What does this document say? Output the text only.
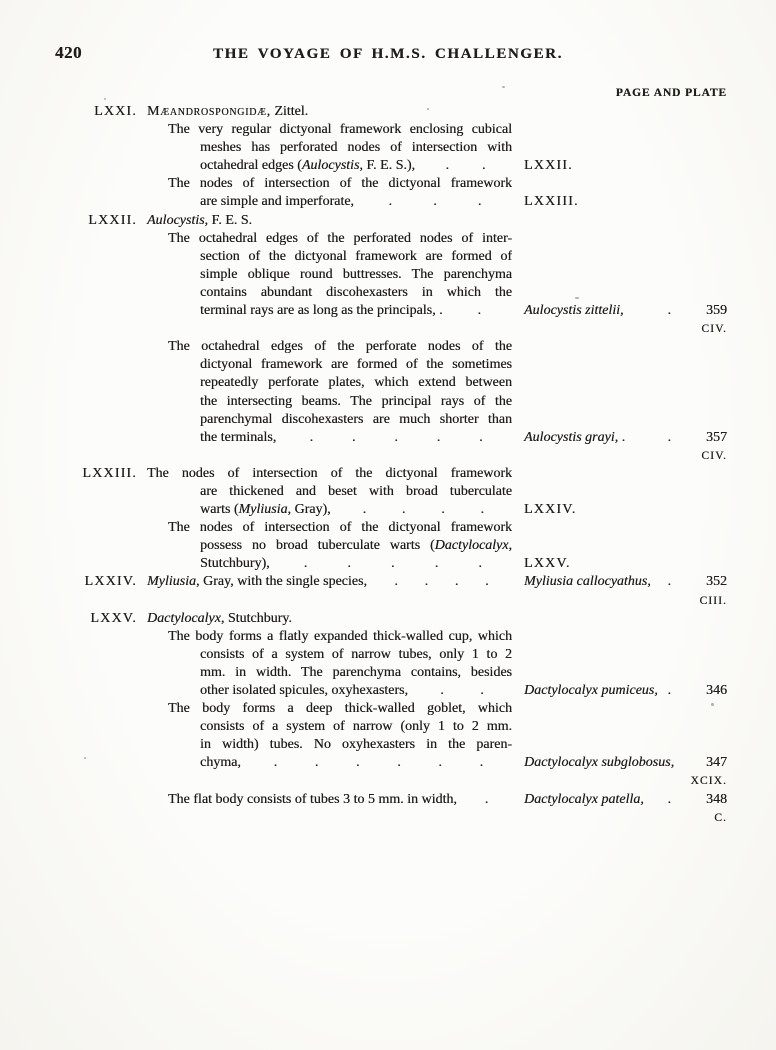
420	THE VOYAGE OF H.M.S. CHALLENGER.
PAGE AND PLATE
LXXI. Mæandrospongidæ, Zittel.
The very regular dictyonal framework enclosing cubical
meshes has perforated nodes of intersection with
octahedral edges (Aulocystis, F. E. S.), . .	LXXII.
The nodes of intersection of the dictyonal framework
are simple and imperforate, .	.	.	LXXIII.
LXXII. Aulocystis, F. E. S.
The octahedral edges of the perforated nodes of inter-
section of the dictyonal framework are formed of
simple oblique round buttresses. The parenchyma
contains abundant discohexasters in which the
terminal rays are as long as the principals, . .	Aulocystis zittelii,	.	359
CIV.
The octahedral edges of the perforate nodes of the
dictyonal framework are formed of the sometimes
repeatedly perforate plates, which extend between
the intersecting beams. The principal rays of the
parenchymal discohexasters are much shorter than
the terminals, .	.	.	.	.	Aulocystis grayi, .	.	357
CIV.
LXXIII. The nodes of intersection of the dictyonal framework
are thickened and beset with broad tuberculate
warts (Myliusia, Gray), .	.	.	.	LXXIV.
The nodes of intersection of the dictyonal framework
possess no broad tuberculate warts (Dactylocalyx,
Stutchbury), .	.	.	.	.	LXXV.
LXXIV. Myliusia, Gray, with the single species, . . . .	Myliusia callocyathus, .	352
CIII.
LXXV. Dactylocalyx, Stutchbury.
The body forms a flatly expanded thick-walled cup, which
consists of a system of narrow tubes, only 1 to 2
mm. in width. The parenchyma contains, besides
other isolated spicules, oxyhexasters, .	.	Dactylocalyx pumiceus, .	346
The body forms a deep thick-walled goblet, which
consists of a system of narrow (only 1 to 2 mm.
in width) tubes. No oxyhexasters in the paren-
chyma, .	.	.	.	.	.	Dactylocalyx subglobosus,	347
XCIX.
The flat body consists of tubes 3 to 5 mm. in width, .	Dactylocalyx patella, .	348
C.
